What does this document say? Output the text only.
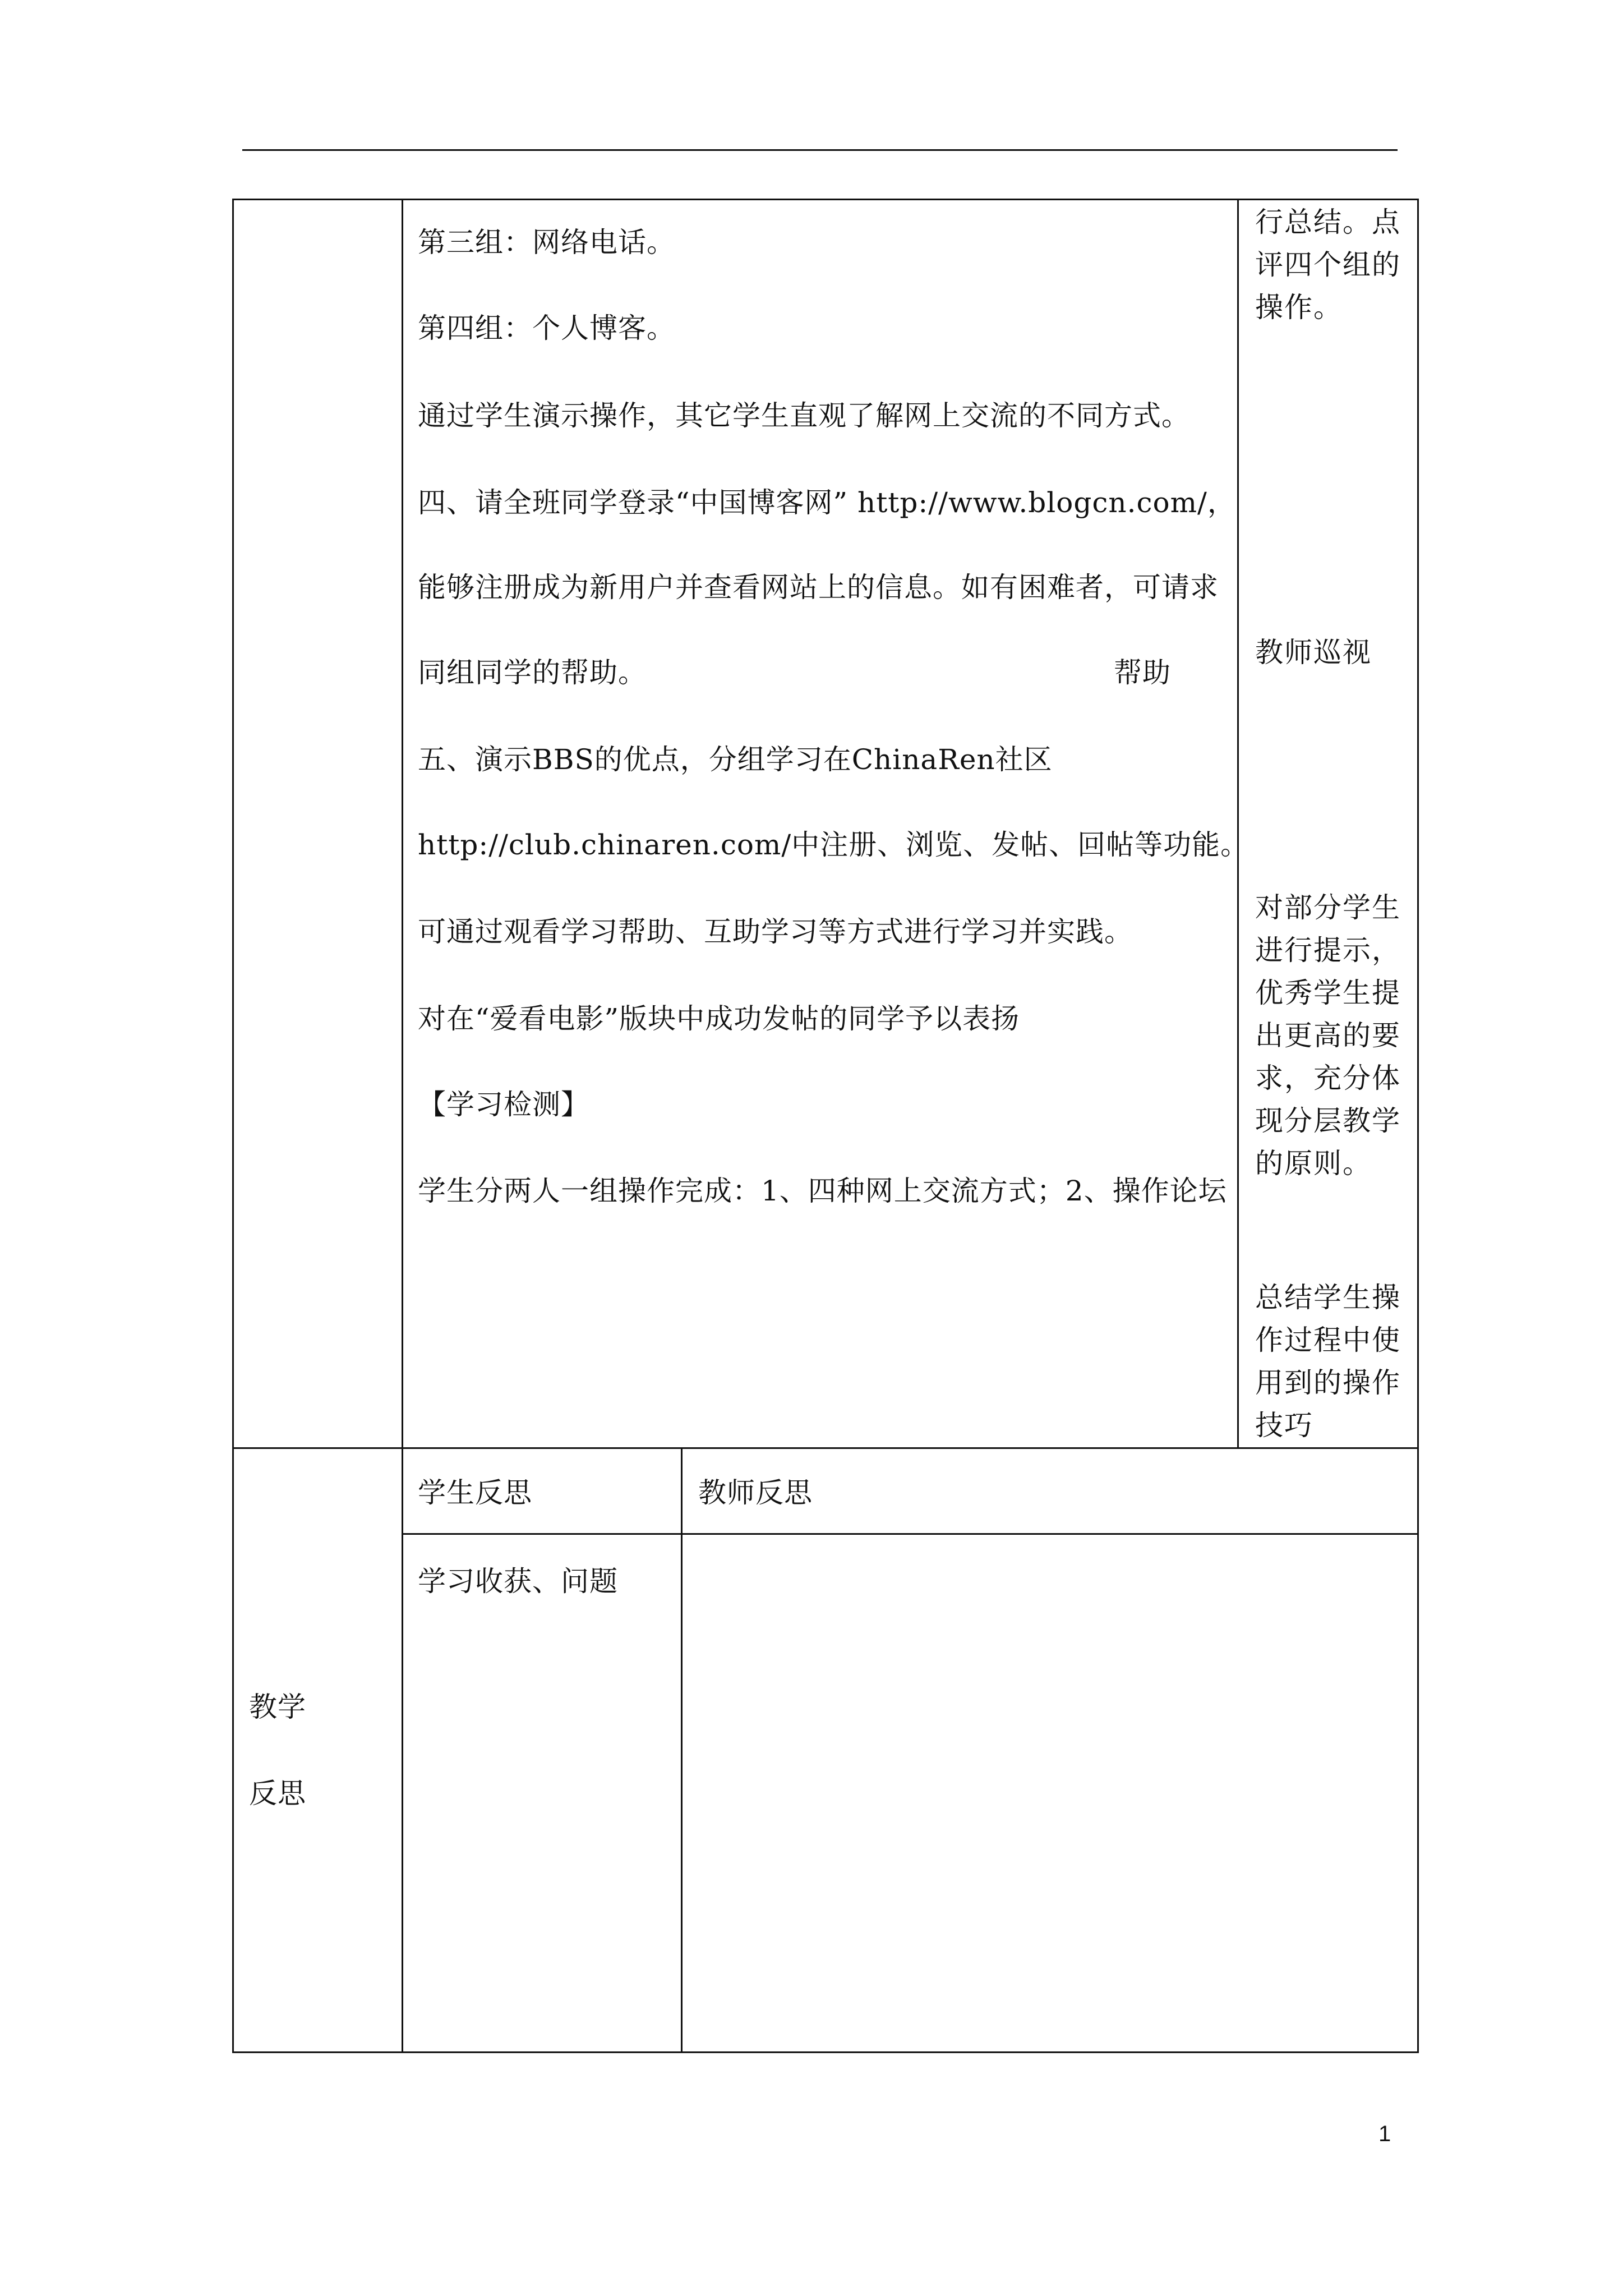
第三组：网络电话。
第四组：个人博客。
通过学生演示操作，其它学生直观了解网上交流的不同方式。
四、请全班同学登录“中国博客网” http://www.blogcn.com/，
能够注册成为新用户并查看网站上的信息。如有困难者，可请求
同组同学的帮助。	帮助
五、演示BBS的优点，分组学习在ChinaRen社区
http://club.chinaren.com/中注册、浏览、发帖、回帖等功能。
可通过观看学习帮助、互助学习等方式进行学习并实践。
对在“爱看电影”版块中成功发帖的同学予以表扬
【学习检测】
学生分两人一组操作完成：1、四种网上交流方式；2、操作论坛
行总结。点
评四个组的
操作。
教师巡视
对部分学生
进行提示，
优秀学生提
出更高的要
求，充分体
现分层教学
的原则。
总结学生操
作过程中使
用到的操作
技巧
教学
反思
学生反思	教师反思
学习收获、问题
1
